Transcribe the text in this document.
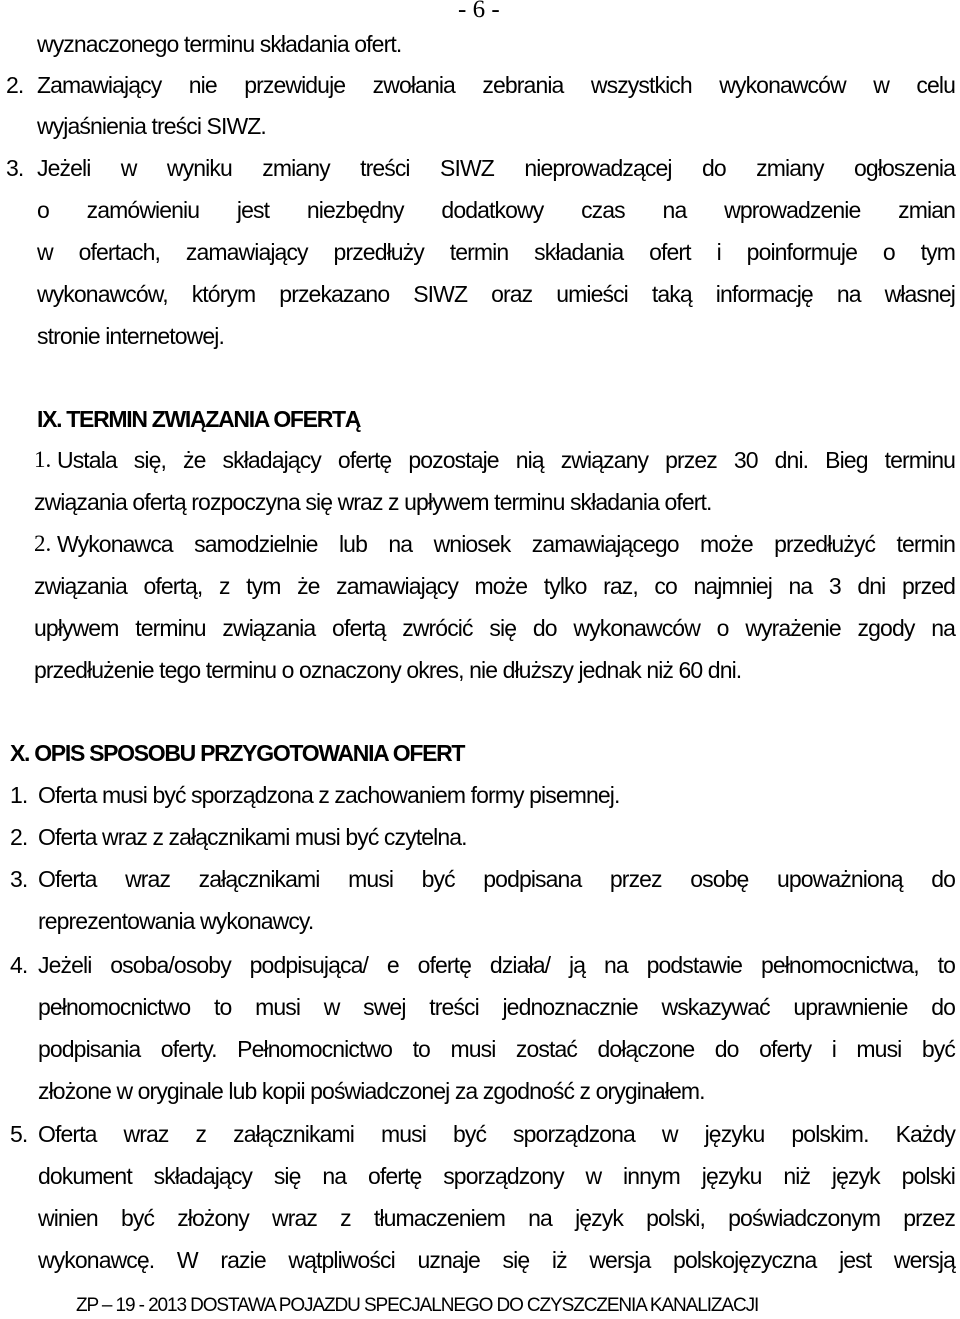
- 6 -
wyznaczonego terminu składania ofert.
2. Zamawiający nie przewiduje zwołania zebrania wszystkich wykonawców w celu
wyjaśnienia treści SIWZ.
3. Jeżeli w wyniku zmiany treści SIWZ nieprowadzącej do zmiany ogłoszenia
o zamówieniu jest niezbędny dodatkowy czas na wprowadzenie zmian
w ofertach, zamawiający przedłuży termin składania ofert i poinformuje o tym
wykonawców, którym przekazano SIWZ oraz umieści taką informację na własnej
stronie internetowej.
IX. TERMIN ZWIĄZANIA OFERTĄ
1. Ustala się, że składający ofertę pozostaje nią związany przez 30 dni. Bieg terminu
związania ofertą rozpoczyna się wraz z upływem terminu składania ofert.
2. Wykonawca samodzielnie lub na wniosek zamawiającego może przedłużyć termin
związania ofertą, z tym że zamawiający może tylko raz, co najmniej na 3 dni przed
upływem terminu związania ofertą zwrócić się do wykonawców o wyrażenie zgody na
przedłużenie tego terminu o oznaczony okres, nie dłuższy jednak niż 60 dni.
X. OPIS SPOSOBU PRZYGOTOWANIA OFERT
1. Oferta musi być sporządzona z zachowaniem formy pisemnej.
2. Oferta wraz z załącznikami musi być czytelna.
3. Oferta wraz załącznikami musi być podpisana przez osobę upoważnioną do
reprezentowania wykonawcy.
4. Jeżeli osoba/osoby podpisująca/ e ofertę działa/ ją na podstawie pełnomocnictwa, to
pełnomocnictwo to musi w swej treści jednoznacznie wskazywać uprawnienie do
podpisania oferty. Pełnomocnictwo to musi zostać dołączone do oferty i musi być
złożone w oryginale lub kopii poświadczonej za zgodność z oryginałem.
5. Oferta wraz z załącznikami musi być sporządzona w języku polskim. Każdy
dokument składający się na ofertę sporządzony w innym języku niż język polski
winien być złożony wraz z tłumaczeniem na język polski, poświadczonym przez
wykonawcę. W razie wątpliwości uznaje się iż wersja polskojęzyczna jest wersją
ZP – 19 - 2013 DOSTAWA POJAZDU SPECJALNEGO DO CZYSZCZENIA KANALIZACJI
